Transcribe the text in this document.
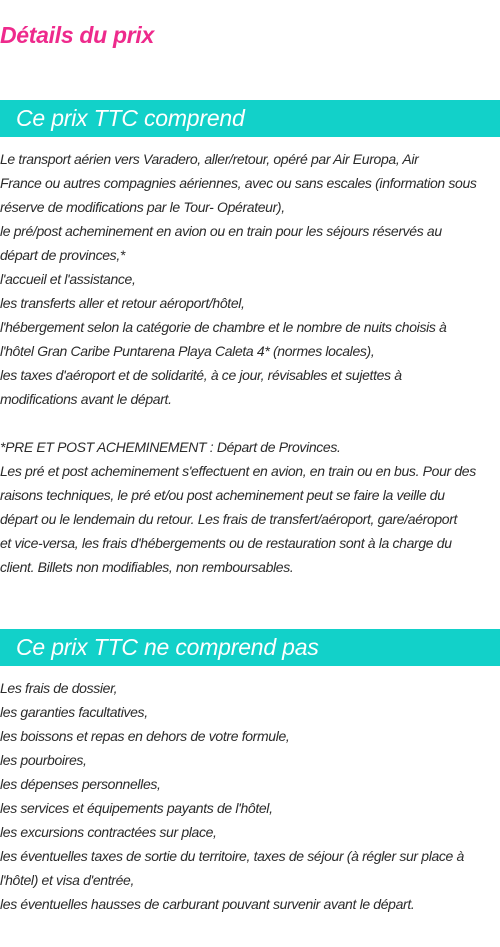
Détails du prix
Ce prix TTC comprend
Le transport aérien vers Varadero, aller/retour, opéré par Air Europa, Air
France ou autres compagnies aériennes, avec ou sans escales (information sous
réserve de modifications par le Tour- Opérateur),
le pré/post acheminement en avion ou en train pour les séjours réservés au
départ de provinces,*
l'accueil et l'assistance,
les transferts aller et retour aéroport/hôtel,
l'hébergement selon la catégorie de chambre et le nombre de nuits choisis à
l'hôtel Gran Caribe Puntarena Playa Caleta 4* (normes locales),
les taxes d'aéroport et de solidarité, à ce jour, révisables et sujettes à
modifications avant le départ.
*PRE ET POST ACHEMINEMENT : Départ de Provinces.
Les pré et post acheminement s'effectuent en avion, en train ou en bus. Pour des
raisons techniques, le pré et/ou post acheminement peut se faire la veille du
départ ou le lendemain du retour. Les frais de transfert/aéroport, gare/aéroport
et vice-versa, les frais d'hébergements ou de restauration sont à la charge du
client. Billets non modifiables, non remboursables.
Ce prix TTC ne comprend pas
Les frais de dossier,
les garanties facultatives,
les boissons et repas en dehors de votre formule,
les pourboires,
les dépenses personnelles,
les services et équipements payants de l'hôtel,
les excursions contractées sur place,
les éventuelles taxes de sortie du territoire, taxes de séjour (à régler sur place à
l'hôtel) et visa d'entrée,
les éventuelles hausses de carburant pouvant survenir avant le départ.
